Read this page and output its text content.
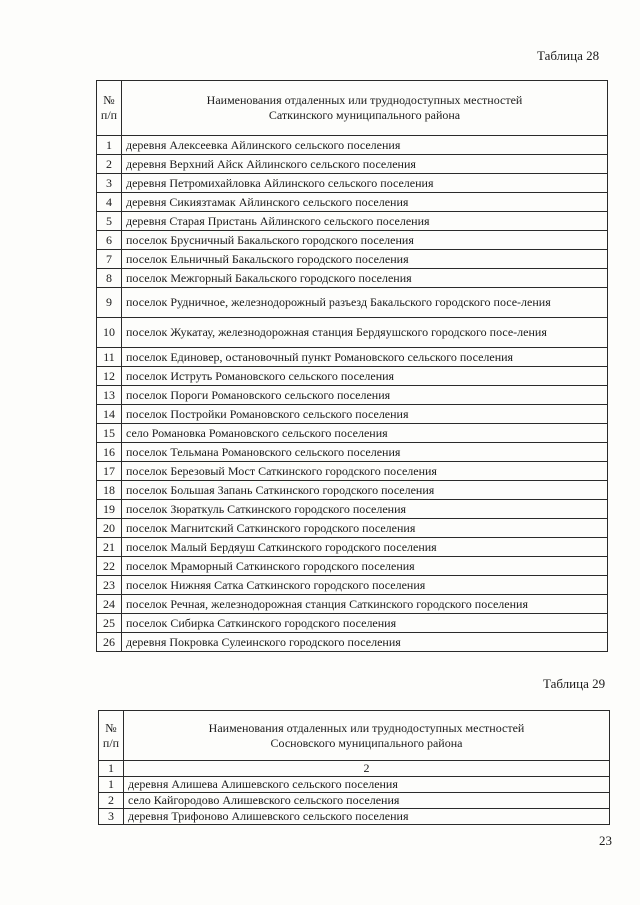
Таблица 28
№ п/п	Наименования отдаленных или труднодоступных местностей
Саткинского муниципального района
1	деревня Алексеевка Айлинского сельского поселения
2	деревня Верхний Айск Айлинского сельского поселения
3	деревня Петромихайловка Айлинского сельского поселения
4	деревня Сикиязтамак Айлинского сельского поселения
5	деревня Старая Пристань Айлинского сельского поселения
6	поселок Брусничный Бакальского городского поселения
7	поселок Ельничный Бакальского городского поселения
8	поселок Межгорный Бакальского городского поселения
9	поселок Рудничное, железнодорожный разъезд Бакальского городского посе-ления
10	поселок Жукатау, железнодорожная станция Бердяушского городского посе-ления
11	поселок Единовер, остановочный пункт Романовского сельского поселения
12	поселок Иструть Романовского сельского поселения
13	поселок Пороги Романовского сельского поселения
14	поселок Постройки Романовского сельского поселения
15	село Романовка Романовского сельского поселения
16	поселок Тельмана Романовского сельского поселения
17	поселок Березовый Мост Саткинского городского поселения
18	поселок Большая Запань Саткинского городского поселения
19	поселок Зюраткуль Саткинского городского поселения
20	поселок Магнитский Саткинского городского поселения
21	поселок Малый Бердяуш Саткинского городского поселения
22	поселок Мраморный Саткинского городского поселения
23	поселок Нижняя Сатка Саткинского городского поселения
24	поселок Речная, железнодорожная станция Саткинского городского поселения
25	поселок Сибирка Саткинского городского поселения
26	деревня Покровка Сулеинского городского поселения
Таблица 29
№ п/п	Наименования отдаленных или труднодоступных местностей
Сосновского муниципального района
1	2
1	деревня Алишева Алишевского сельского поселения
2	село Кайгородово Алишевского сельского поселения
3	деревня Трифоново Алишевского сельского поселения
23
